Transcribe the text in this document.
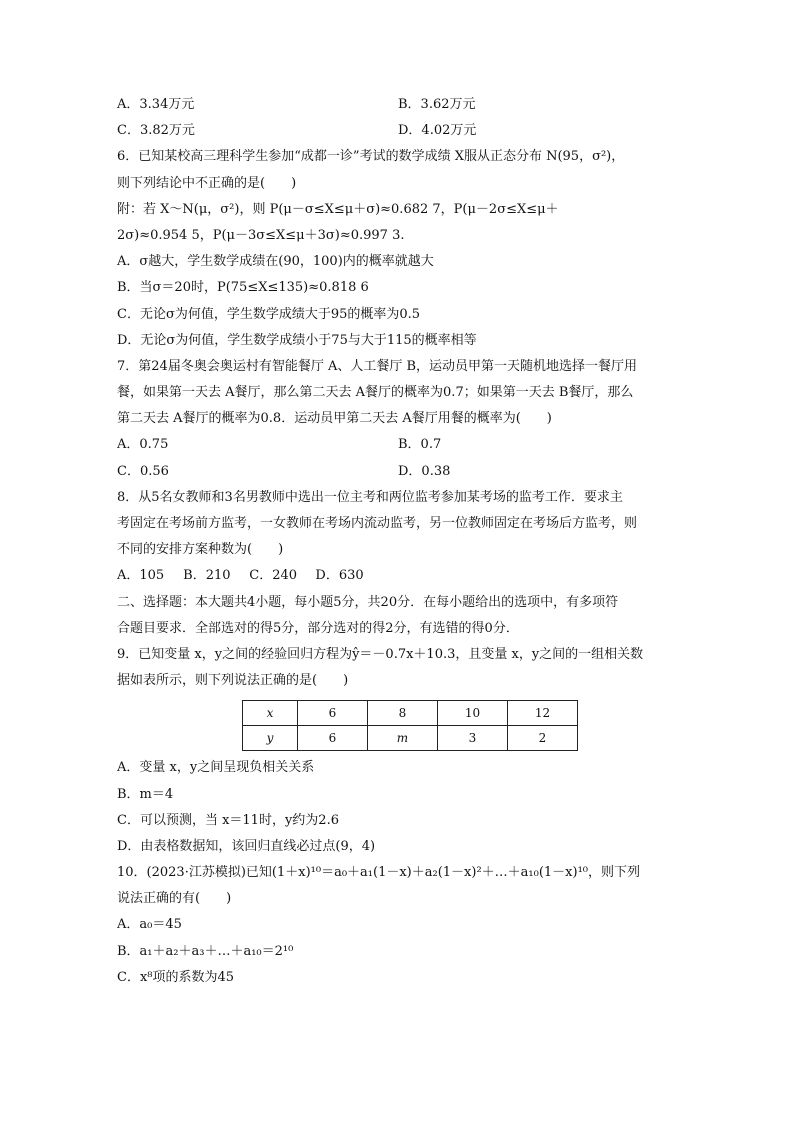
A．3.34万元	B．3.62万元
C．3.82万元	D．4.02万元
6．已知某校高三理科学生参加“成都一诊”考试的数学成绩 X服从正态分布 N(95，σ²)，
则下列结论中不正确的是(　　)
附：若 X～N(μ，σ²)，则 P(μ－σ≤X≤μ＋σ)≈0.682 7，P(μ－2σ≤X≤μ＋
2σ)≈0.954 5，P(μ－3σ≤X≤μ＋3σ)≈0.997 3.
A．σ越大，学生数学成绩在(90，100)内的概率就越大
B．当σ＝20时，P(75≤X≤135)≈0.818 6
C．无论σ为何值，学生数学成绩大于95的概率为0.5
D．无论σ为何值，学生数学成绩小于75与大于115的概率相等
7．第24届冬奥会奥运村有智能餐厅 A、人工餐厅 B，运动员甲第一天随机地选择一餐厅用
餐，如果第一天去 A餐厅，那么第二天去 A餐厅的概率为0.7；如果第一天去 B餐厅，那么
第二天去 A餐厅的概率为0.8．运动员甲第二天去 A餐厅用餐的概率为(　　)
A．0.75	B．0.7
C．0.56	D．0.38
8．从5名女教师和3名男教师中选出一位主考和两位监考参加某考场的监考工作．要求主
考固定在考场前方监考，一女教师在考场内流动监考，另一位教师固定在考场后方监考，则
不同的安排方案种数为(　　)
A．105 B．210 C．240 D．630
二、选择题：本大题共4小题，每小题5分，共20分．在每小题给出的选项中，有多项符
合题目要求．全部选对的得5分，部分选对的得2分，有选错的得0分．
9．已知变量 x，y之间的经验回归方程为ŷ＝－0.7x＋10.3，且变量 x，y之间的一组相关数
据如表所示，则下列说法正确的是(　　)
x	6	8	10	12
y	6	m	3	2
A．变量 x，y之间呈现负相关关系
B．m＝4
C．可以预测，当 x＝11时，y约为2.6
D．由表格数据知，该回归直线必过点(9，4)
10．(2023·江苏模拟)已知(1＋x)¹⁰＝a₀＋a₁(1－x)＋a₂(1－x)²＋…＋a₁₀(1－x)¹⁰，则下列
说法正确的有(　　)
A．a₀＝45
B．a₁＋a₂＋a₃＋…＋a₁₀＝2¹⁰
C．x⁸项的系数为45
